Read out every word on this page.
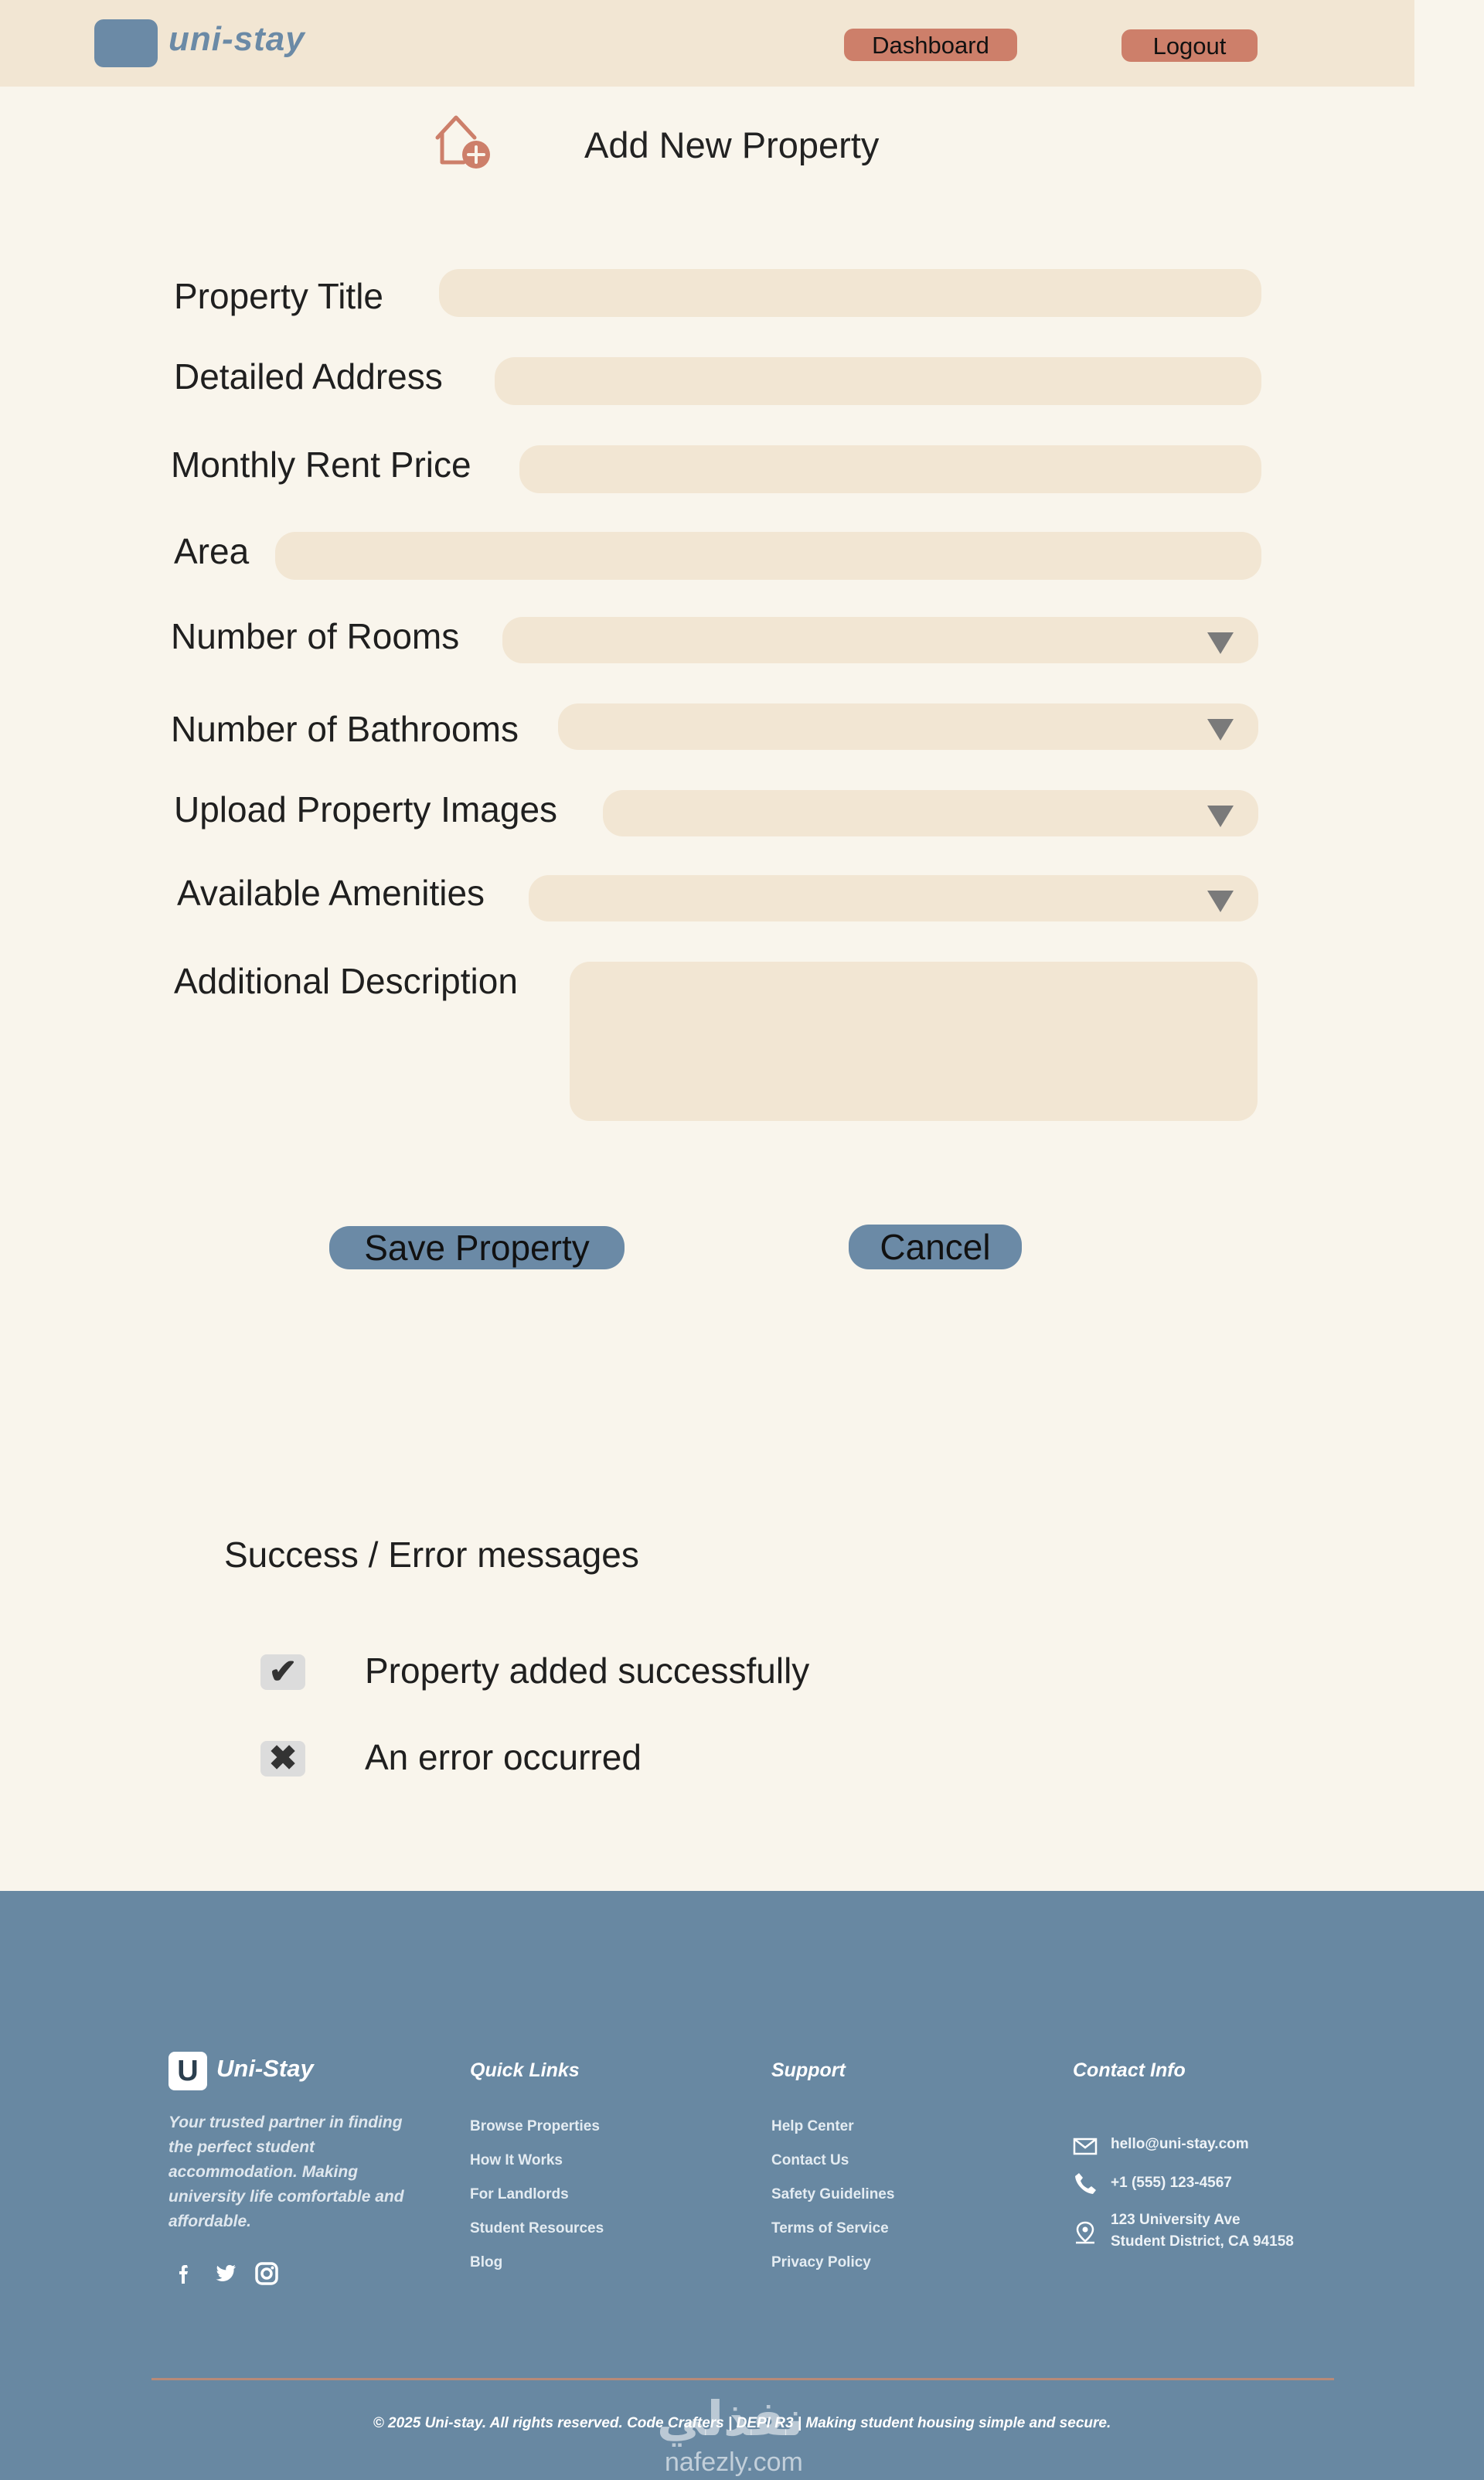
uni-stay	Dashboard	Logout
Add New Property
Property Title
Detailed Address
Monthly Rent Price
Area
Number of Rooms
Number of Bathrooms
Upload Property Images
Available Amenities
Additional Description
Save Property	Cancel
Success / Error messages
✔ Property added successfully
✖ An error occurred
U Uni-Stay
Your trusted partner in finding the perfect student accommodation. Making university life comfortable and affordable.
Quick Links
Browse Properties
How It Works
For Landlords
Student Resources
Blog
Support
Help Center
Contact Us
Safety Guidelines
Terms of Service
Privacy Policy
Contact Info
hello@uni-stay.com
+1 (555) 123-4567
123 University Ave
Student District, CA 94158
© 2025 Uni-stay. All rights reserved. Code Crafters | DEPI R3 | Making student housing simple and secure.
نفذلي
nafezly.com
